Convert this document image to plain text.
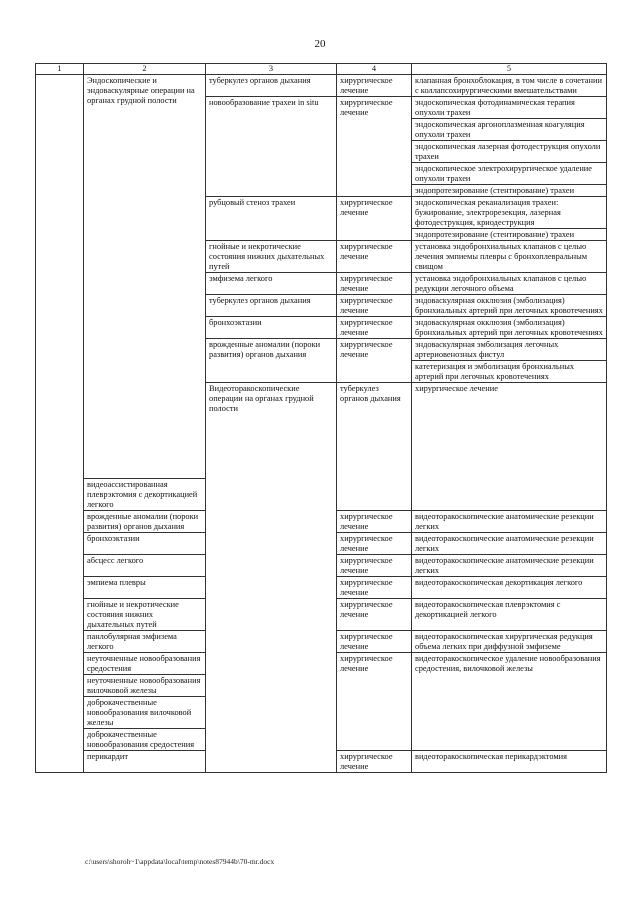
20
1	2	3	4	5	
	Эндоскопические и эндоваскулярные операции на органах грудной полости	туберкулез органов дыхания	хирургическое лечение	клапанная бронхоблокация, в том числе в сочетании с коллапсохирургическими вмешательствами	
		новообразование трахеи in situ	хирургическое лечение	эндоскопическая фотодинамическая терапия опухоли трахеи	
				эндоскопическая аргоноплазменная коагуляция опухоли трахеи	
				эндоскопическая лазерная фотодеструкция опухоли трахеи	
				эндоскопическое электрохирургическое удаление опухоли трахеи	
				эндопротезирование (стентирование) трахеи	
		рубцовый стеноз трахеи	хирургическое лечение	эндоскопическая реканализация трахеи: бужирование, электрорезекция, лазерная фотодеструкция, криодеструкция	
				эндопротезирование (стентирование) трахеи	
		гнойные и некротические состояния нижних дыхательных путей	хирургическое лечение	установка эндобронхиальных клапанов с целью лечения эмпиемы плевры с бронхоплевральным свищом	
		эмфизема легкого	хирургическое лечение	установка эндобронхиальных клапанов с целью редукции легочного объема	
		туберкулез органов дыхания	хирургическое лечение	эндоваскулярная окклюзия (эмболизация) бронхиальных артерий при легочных кровотечениях	
		бронхоэктазии	хирургическое лечение	эндоваскулярная окклюзия (эмболизация) бронхиальных артерий при легочных кровотечениях	
		врожденные аномалии (пороки развития) органов дыхания	хирургическое лечение	эндоваскулярная эмболизация легочных артериовенозных фистул	
				катетеризация и эмболизация бронхиальных артерий при легочных кровотечениях	
		Видеоторакоскопические операции на органах грудной полости	туберкулез органов дыхания	хирургическое лечение	

	видеоассистированная плеврэктомия с декортикацией легкого				
	врожденные аномалии (пороки развития) органов дыхания		хирургическое лечение	видеоторакоскопические анатомические резекции легких	
	бронхоэктазии		хирургическое лечение	видеоторакоскопические анатомические резекции легких	
	абсцесс легкого		хирургическое лечение	видеоторакоскопические анатомические резекции легких	
	эмпиема плевры		хирургическое лечение	видеоторакоскопическая декортикация легкого	
	гнойные и некротические состояния нижних дыхательных путей		хирургическое лечение	видеоторакоскопическая плеврэктомия с декортикацией легкого	
	панлобулярная эмфизема легкого		хирургическое лечение	видеоторакоскопическая хирургическая редукция объема легких при диффузной эмфиземе	
	неуточненные новообразования средостения		хирургическое лечение	видеоторакоскопическое удаление новообразования средостения, вилочковой железы	
	неуточненные новообразования вилочковой железы				
	доброкачественные новообразования вилочковой железы				
	доброкачественные новообразования средостения				
	перикардит		хирургическое лечение	видеоторакоскопическая перикардэктомия	
c:\users\shoroh~1\appdata\local\temp\notes87944b\70-mr.docx
